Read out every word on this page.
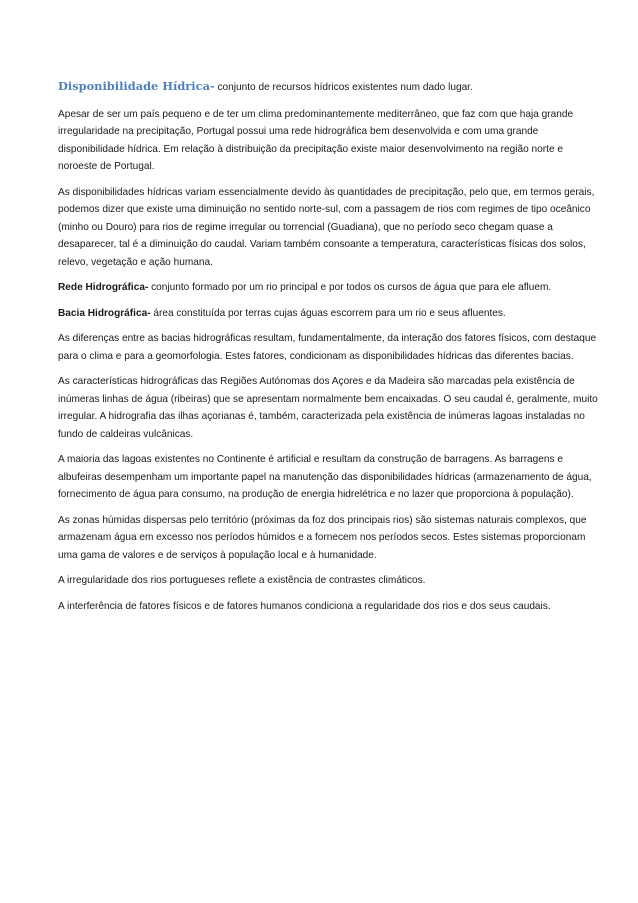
Disponibilidade Hídrica- conjunto de recursos hídricos existentes num dado lugar.

Apesar de ser um país pequeno e de ter um clima predominantemente mediterrâneo, que faz com que haja grande irregularidade na precipitação, Portugal possui uma rede hidrográfica bem desenvolvida e com uma grande disponibilidade hídrica. Em relação à distribuição da precipitação existe maior desenvolvimento na região norte e noroeste de Portugal.

As disponibilidades hídricas variam essencialmente devido às quantidades de precipitação, pelo que, em termos gerais, podemos dizer que existe uma diminuição no sentido norte-sul, com a passagem de rios com regimes de tipo oceânico (minho ou Douro) para rios de regime irregular ou torrencial (Guadiana), que no período seco chegam quase a desaparecer, tal é a diminuição do caudal. Variam também consoante a temperatura, características físicas dos solos, relevo, vegetação e ação humana.

Rede Hidrográfica- conjunto formado por um rio principal e por todos os cursos de água que para ele afluem.

Bacia Hidrográfica- área constituída por terras cujas águas escorrem para um rio e seus afluentes.

As diferenças entre as bacias hidrográficas resultam, fundamentalmente, da interação dos fatores físicos, com destaque para o clima e para a geomorfologia. Estes fatores, condicionam as disponibilidades hídricas das diferentes bacias.

As características hidrográficas das Regiões Autónomas dos Açores e da Madeira são marcadas pela existência de inúmeras linhas de água (ribeiras) que se apresentam normalmente bem encaixadas. O seu caudal é, geralmente, muito irregular. A hidrografia das ilhas açorianas é, também, caracterizada pela existência de inúmeras lagoas instaladas no fundo de caldeiras vulcânicas.

A maioria das lagoas existentes no Continente é artificial e resultam da construção de barragens. As barragens e albufeiras desempenham um importante papel na manutenção das disponibilidades hídricas (armazenamento de água, fornecimento de água para consumo, na produção de energia hidrelétrica e no lazer que proporciona à população).

As zonas húmidas dispersas pelo território (próximas da foz dos principais rios) são sistemas naturais complexos, que armazenam água em excesso nos períodos húmidos e a fornecem nos períodos secos. Estes sistemas proporcionam uma gama de valores e de serviços à população local e à humanidade.

A irregularidade dos rios portugueses reflete a existência de contrastes climáticos.

A interferência de fatores físicos e de fatores humanos condiciona a regularidade dos rios e dos seus caudais.
